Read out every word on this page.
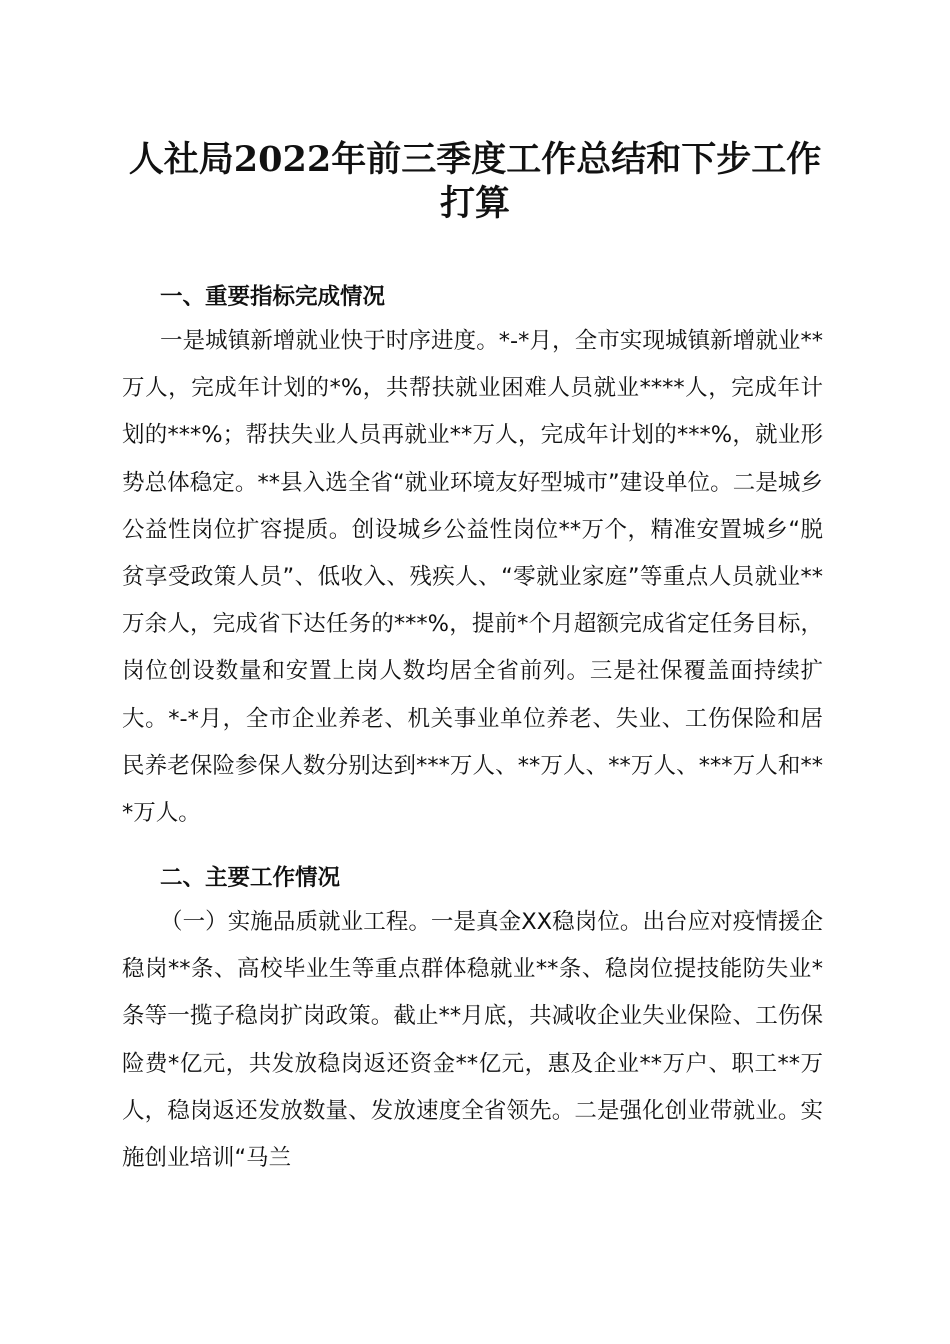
人社局2022年前三季度工作总结和下步工作
打算
一、重要指标完成情况

一是城镇新增就业快于时序进度。*-*月，全市实现城镇新增就业**万人，完成年计划的*%，共帮扶就业困难人员就业****人，完成年计划的***%；帮扶失业人员再就业**万人，完成年计划的***%，就业形势总体稳定。**县入选全省“就业环境友好型城市”建设单位。二是城乡公益性岗位扩容提质。创设城乡公益性岗位**万个，精准安置城乡“脱贫享受政策人员”、低收入、残疾人、“零就业家庭”等重点人员就业**万余人，完成省下达任务的***%，提前*个月超额完成省定任务目标，岗位创设数量和安置上岗人数均居全省前列。三是社保覆盖面持续扩大。*-*月，全市企业养老、机关事业单位养老、失业、工伤保险和居民养老保险参保人数分别达到***万人、**万人、**万人、***万人和***万人。

二、主要工作情况

（一）实施品质就业工程。一是真金XX稳岗位。出台应对疫情援企稳岗**条、高校毕业生等重点群体稳就业**条、稳岗位提技能防失业*条等一揽子稳岗扩岗政策。截止**月底，共减收企业失业保险、工伤保险费*亿元，共发放稳岗返还资金**亿元，惠及企业**万户、职工**万人，稳岗返还发放数量、发放速度全省领先。二是强化创业带就业。实施创业培训“马兰
